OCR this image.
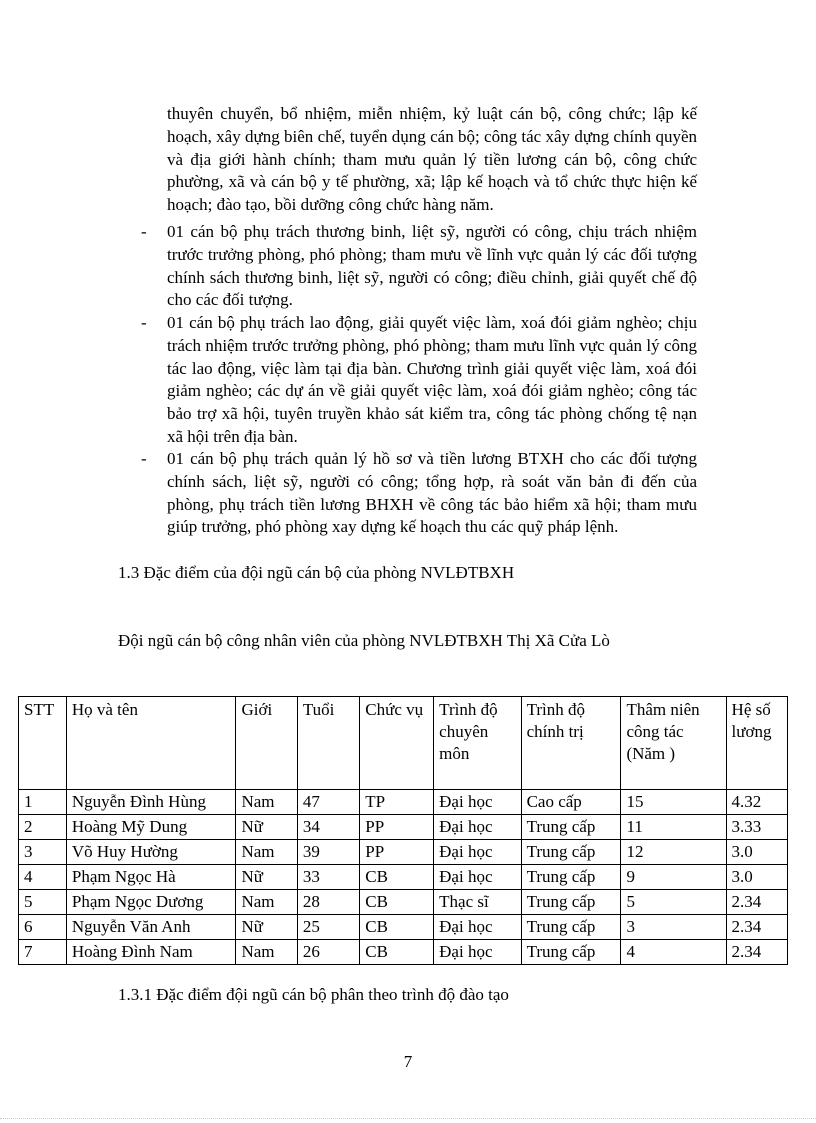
thuyên chuyển, bổ nhiệm, miễn nhiệm, kỷ luật cán bộ, công chức; lập kế hoạch, xây dựng biên chế, tuyển dụng cán bộ; công tác xây dựng chính quyền và địa giới hành chính; tham mưu quản lý tiền lương cán bộ, công chức phường, xã và cán bộ y tế phường, xã; lập kế hoạch và tổ chức thực hiện kế hoạch; đào tạo, bồi dưỡng công chức hàng năm.

-	01 cán bộ phụ trách thương binh, liệt sỹ, người có công, chịu trách nhiệm trước trưởng phòng, phó phòng; tham mưu về lĩnh vực quản lý các đối tượng chính sách thương binh, liệt sỹ, người có công; điều chỉnh, giải quyết chế độ cho các đối tượng.
-	01 cán bộ phụ trách lao động, giải quyết việc làm, xoá đói giảm nghèo; chịu trách nhiệm trước trưởng phòng, phó phòng; tham mưu lĩnh vực quản lý công tác lao động, việc làm tại địa bàn. Chương trình giải quyết việc làm, xoá đói giảm nghèo; các dự án về giải quyết việc làm, xoá đói giảm nghèo; công tác bảo trợ xã hội, tuyên truyền khảo sát kiểm tra, công tác phòng chống tệ nạn xã hội trên địa bàn.
-	01 cán bộ phụ trách quản lý hồ sơ và tiền lương BTXH cho các đối tượng chính sách, liệt sỹ, người có công; tổng hợp, rà soát văn bản đi đến của phòng, phụ trách tiền lương BHXH về công tác bảo hiểm xã hội; tham mưu giúp trưởng, phó phòng xay dựng kế hoạch thu các quỹ pháp lệnh.

1.3 Đặc điểm của đội ngũ cán bộ của phòng NVLĐTBXH

Đội ngũ cán bộ công nhân viên của phòng NVLĐTBXH Thị Xã Cửa Lò

STT	Họ và tên	Giới	Tuổi	Chức vụ	Trình độ chuyên môn	Trình độ chính trị	Thâm niên công tác (Năm )	Hệ số lương
1	Nguyễn Đình Hùng	Nam	47	TP	Đại học	Cao cấp	15	4.32
2	Hoàng Mỹ Dung	Nữ	34	PP	Đại học	Trung cấp	11	3.33
3	Võ Huy Hường	Nam	39	PP	Đại học	Trung cấp	12	3.0
4	Phạm Ngọc Hà	Nữ	33	CB	Đại học	Trung cấp	9	3.0
5	Phạm Ngọc Dương	Nam	28	CB	Thạc sĩ	Trung cấp	5	2.34
6	Nguyễn Văn Anh	Nữ	25	CB	Đại học	Trung cấp	3	2.34
7	Hoàng Đình Nam	Nam	26	CB	Đại học	Trung cấp	4	2.34

1.3.1 Đặc điểm đội ngũ cán bộ phân theo trình độ đào tạo

7
